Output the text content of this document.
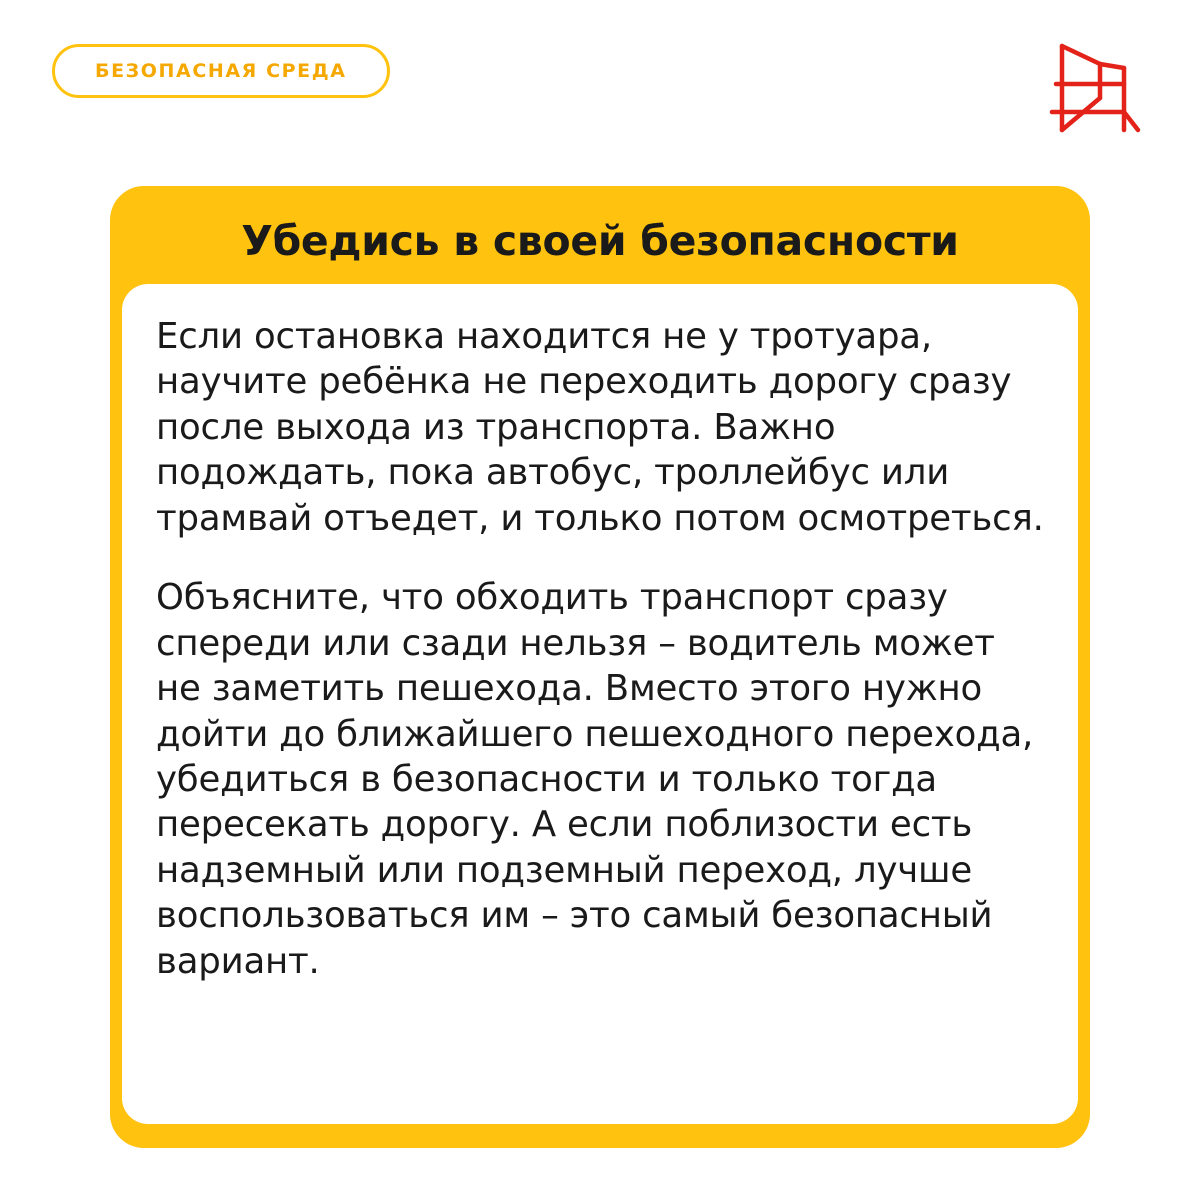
БЕЗОПАСНАЯ СРЕДА
Убедись в своей безопасности

Если остановка находится не у тротуара, научите ребёнка не переходить дорогу сразу после выхода из транспорта. Важно подождать, пока автобус, троллейбус или трамвай отъедет, и только потом осмотреться.

Объясните, что обходить транспорт сразу спереди или сзади нельзя – водитель может не заметить пешехода. Вместо этого нужно дойти до ближайшего пешеходного перехода, убедиться в безопасности и только тогда пересекать дорогу. А если поблизости есть надземный или подземный переход, лучше воспользоваться им – это самый безопасный вариант.
